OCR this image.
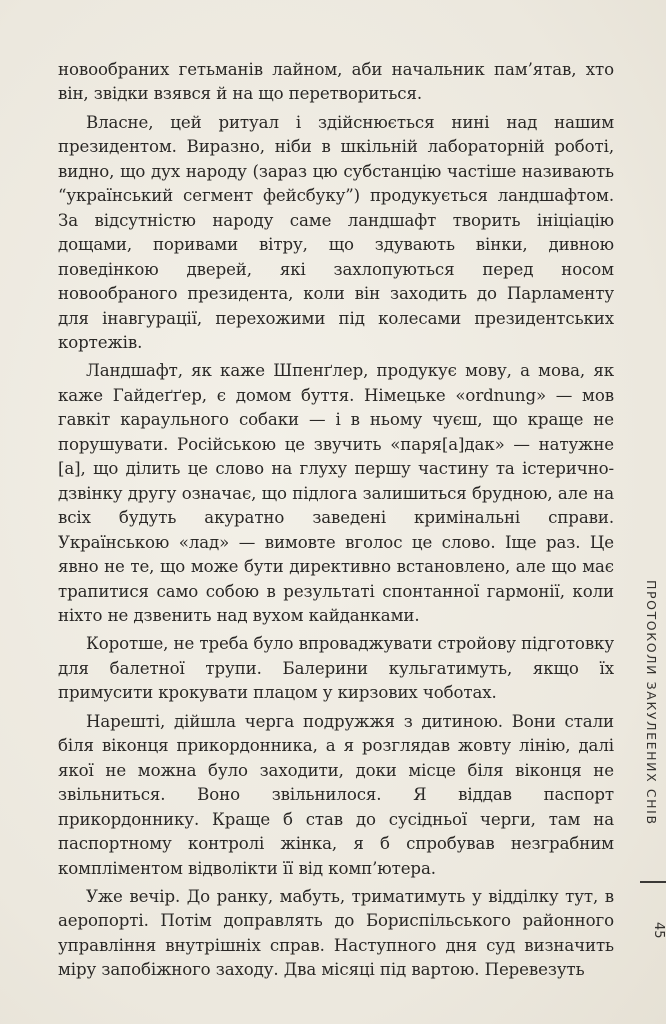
новообраних гетьманів лайном, аби начальник пам’ятав, хто він, звідки взявся й на що перетвориться.

Власне, цей ритуал і здійснюється нині над нашим президентом. Виразно, ніби в шкільній лабораторній роботі, видно, що дух народу (зараз цю субстанцію частіше називають “український сегмент фейсбуку”) продукується ландшафтом. За відсутністю народу саме ландшафт творить ініціацію дощами, поривами вітру, що здувають вінки, дивною поведінкою дверей, які захлопуються перед носом новообраного президента, коли він заходить до Парламенту для інавгурації, перехожими під колесами президентських кортежів.

Ландшафт, як каже Шпенґлер, продукує мову, а мова, як каже Гайдеґґер, є домом буття. Німецьке «ordnung» — мов гавкіт караульного собаки — і в ньому чуєш, що краще не порушувати. Російською це звучить «паря[а]дак» — натужне [а], що ділить це слово на глуху першу частину та істерично-дзвінку другу означає, що підлога залишиться брудною, але на всіх будуть акуратно заведені кримінальні справи. Українською «лад» — вимовте вголос це слово. Іще раз. Це явно не те, що може бути директивно встановлено, але що має трапитися само собою в результаті спонтанної гармонії, коли ніхто не дзвенить над вухом кайданками.

Коротше, не треба було впроваджувати стройову підготовку для балетної трупи. Балерини кульгатимуть, якщо їх примусити крокувати плацом у кирзових чоботах.

Нарешті, дійшла черга подружжя з дитиною. Вони стали біля віконця прикордонника, а я розглядав жовту лінію, далі якої не можна було заходити, доки місце біля віконця не звільниться. Воно звільнилося. Я віддав паспорт прикордоннику. Краще б став до сусідньої черги, там на паспортному контролі жінка, я б спробував незграбним компліментом відволікти її від комп’ютера.

Уже вечір. До ранку, мабуть, триматимуть у відділку тут, в аеропорті. Потім доправлять до Бориспільського районного управління внутрішніх справ. Наступного дня суд визначить міру запобіжного заходу. Два місяці під вартою. Перевезуть

ПРОТОКОЛИ ЗАКУЛЕЕНИХ СНІВ
45
